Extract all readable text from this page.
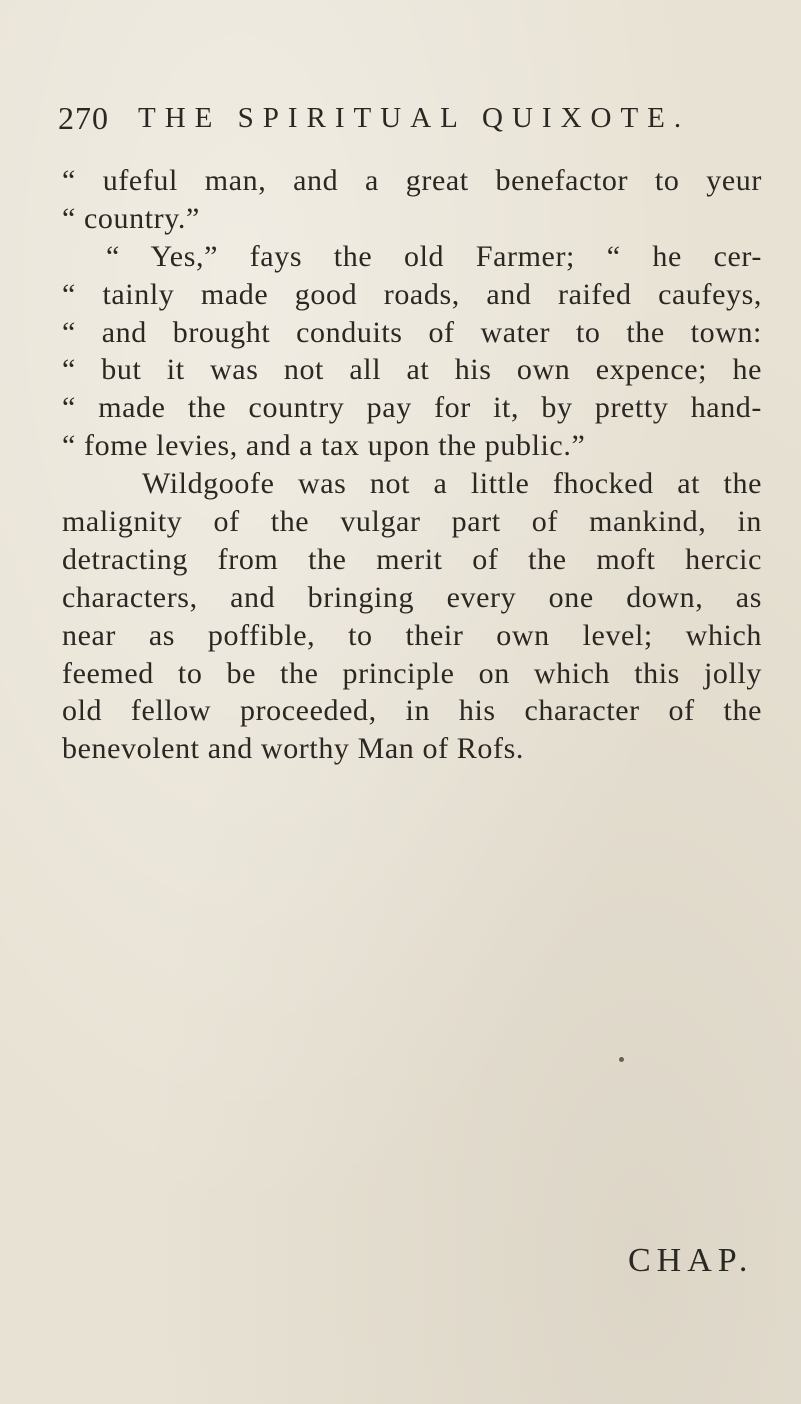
270 THE SPIRITUAL QUIXOTE.
“ ufeful man, and a great benefactor to yeur
“ country.”
“ Yes,” fays the old Farmer; “ he cer-
“ tainly made good roads, and raifed caufeys,
“ and brought conduits of water to the town:
“ but it was not all at his own expence; he
“ made the country pay for it, by pretty hand-
“ fome levies, and a tax upon the public.”
Wildgoofe was not a little fhocked at the
malignity of the vulgar part of mankind, in
detracting from the merit of the moft hercic
characters, and bringing every one down, as
near as poffible, to their own level; which
feemed to be the principle on which this jolly
old fellow proceeded, in his character of the
benevolent and worthy Man of Rofs.
CHAP.
